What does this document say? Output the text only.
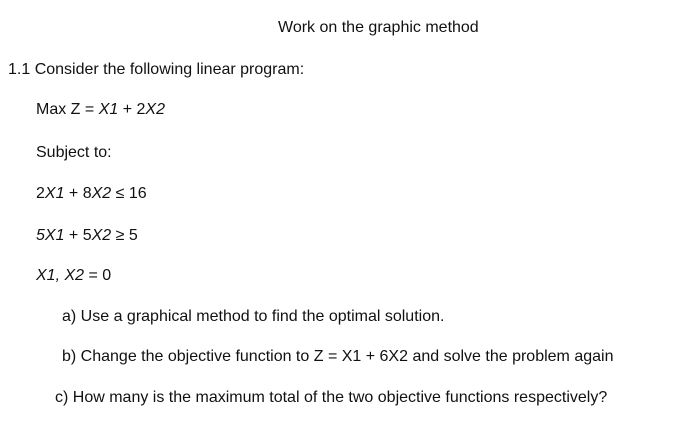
Work on the graphic method
1.1 Consider the following linear program:
Max Z = X1 + 2X2
Subject to:
2X1 + 8X2 ≤ 16
5X1 + 5X2 ≥ 5
X1, X2 = 0
a) Use a graphical method to find the optimal solution.
b) Change the objective function to Z = X1 + 6X2 and solve the problem again
c) How many is the maximum total of the two objective functions respectively?
